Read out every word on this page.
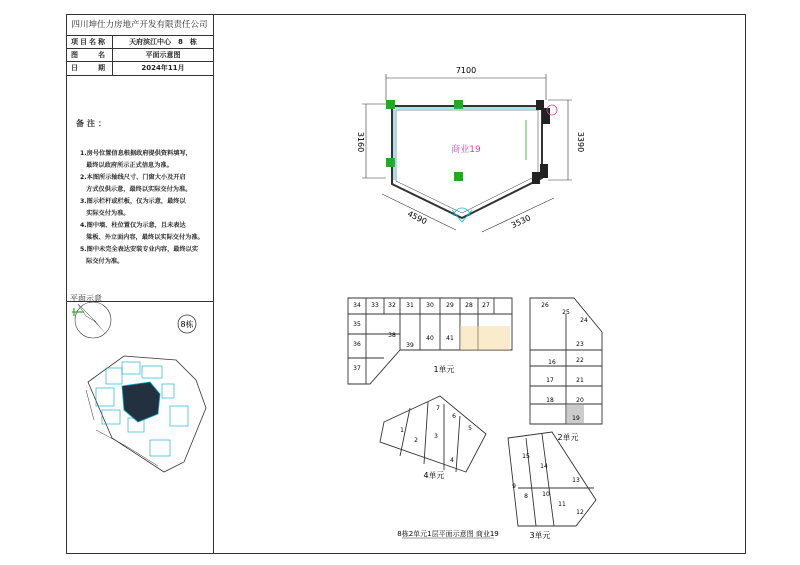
四川坤仕力房地产开发有限责任公司
项目名称	天府滨江中心　8　栋
图　　名	平面示意图
日　　期	2024年11月
备注：
1.房号位置信息根据政府提供资料填写，
　最终以政府所示正式信息为准。
2.本图所示轴线尺寸、门窗大小及开启
　方式仅供示意，最终以实际交付为准。
3.图示栏杆或栏板，仅为示意，最终以
　实际交付为准。
4.图中墙、柱位置仅为示意，且未表达
　粱板、外立面内容，最终以实际交付为准。
5.图中未完全表达安装专业内容，最终以实
　际交付为准。
平面示意
8栋
7100
3160	3390
4590	3530
商业19
34 33 32 31 30 29 28 27
35
36
38
39
40 41
37	1单元
26
25
24
23
16	22
17	21
18	20
19
2单元
7
6
1
3
5
2
4
4单元
15
14
9
10
13
8
11
12
3单元
8栋2单元1层平面示意图 商业19
